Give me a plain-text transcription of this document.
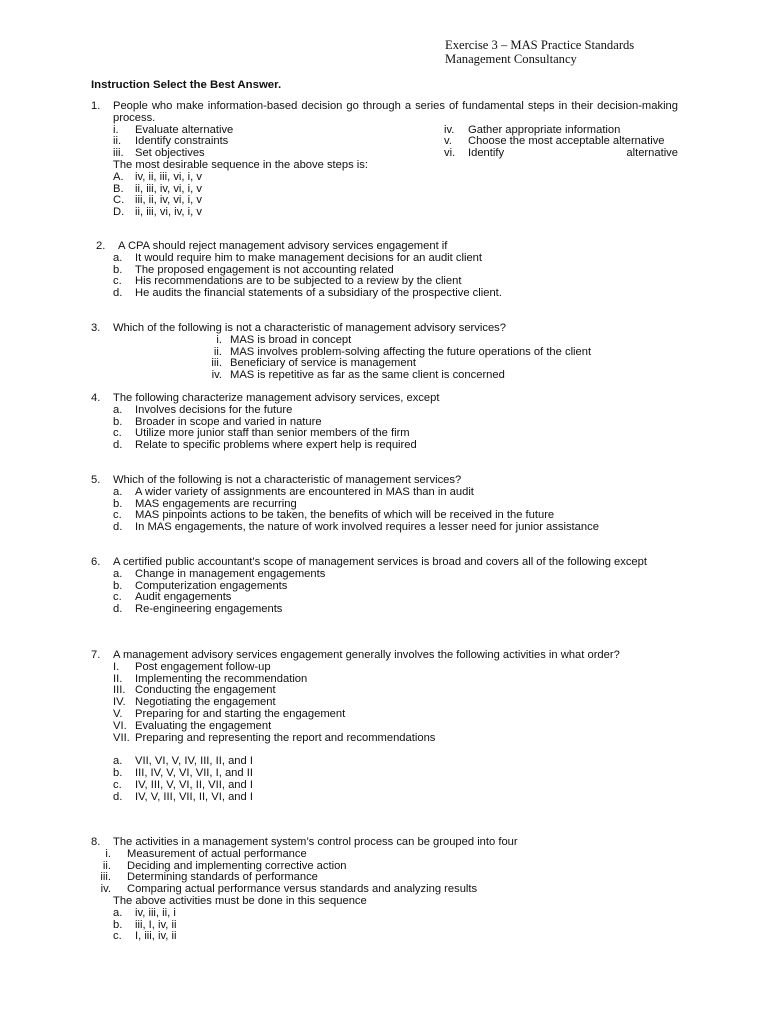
Exercise 3 – MAS Practice Standards
Management Consultancy
Instruction Select the Best Answer.
1.	People who make information-based decision go through a series of fundamental steps in their decision-making process.
i.	Evaluate alternative
ii.	Identify constraints
iii.	Set objectives
iv.	Gather appropriate information
v.	Choose the most acceptable alternative
vi.	Identify	alternative
The most desirable sequence in the above steps is:
A.	iv, ii, iii, vi, i, v
B.	ii, iii, iv, vi, i, v
C. iii, ii, iv, vi, i, v
D. ii, iii, vi, iv, i, v
2.	A CPA should reject management advisory services engagement if
a.	It would require him to make management decisions for an audit client
b.	The proposed engagement is not accounting related
c.	His recommendations are to be subjected to a review by the client
d.	He audits the financial statements of a subsidiary of the prospective client.
3.	Which of the following is not a characteristic of management advisory services?
i. MAS is broad in concept
ii. MAS involves problem-solving affecting the future operations of the client
iii. Beneficiary of service is management
iv. MAS is repetitive as far as the same client is concerned
4.	The following characterize management advisory services, except
a.	Involves decisions for the future
b.	Broader in scope and varied in nature
c.	Utilize more junior staff than senior members of the firm
d.	Relate to specific problems where expert help is required
5.	Which of the following is not a characteristic of management services?
a.	A wider variety of assignments are encountered in MAS than in audit
b.	MAS engagements are recurring
c.	MAS pinpoints actions to be taken, the benefits of which will be received in the future
d.	In MAS engagements, the nature of work involved requires a lesser need for junior assistance
6.	A certified public accountant’s scope of management services is broad and covers all of the following except
a.	Change in management engagements
b.	Computerization engagements
c.	Audit engagements
d.	Re-engineering engagements
7.	A management advisory services engagement generally involves the following activities in what order?
I.	Post engagement follow-up
II.	Implementing the recommendation
III. Conducting the engagement
IV. Negotiating the engagement
V.	Preparing for and starting the engagement
VI. Evaluating the engagement
VII. Preparing and representing the report and recommendations
a.	VII, VI, V, IV, III, II, and I
b.	III, IV, V, VI, VII, I, and II
c.	IV, III, V, VI, II, VII, and I
d.	IV, V, III, VII, II, VI, and I
8.	The activities in a management system’s control process can be grouped into four
i.	Measurement of actual performance
ii.	Deciding and implementing corrective action
iii.	Determining standards of performance
iv.	Comparing actual performance versus standards and analyzing results
The above activities must be done in this sequence
a.	iv, iii, ii, i
b.	iii, I, iv, ii
c.	I, iii, iv, ii
